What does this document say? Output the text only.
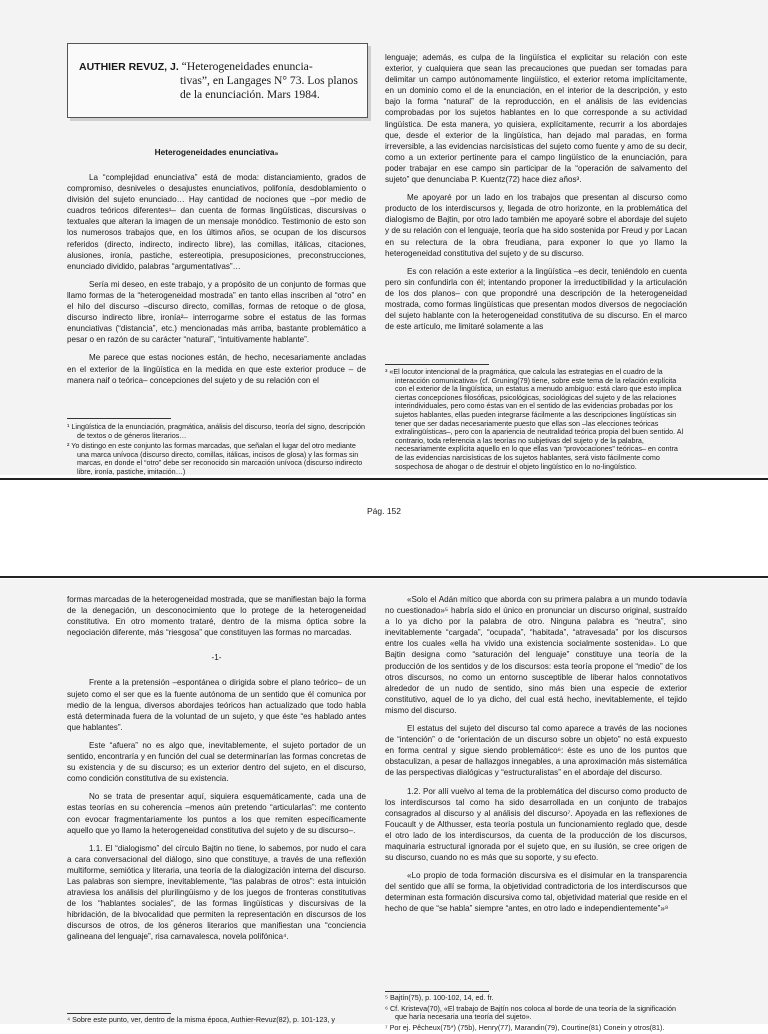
AUTHIER REVUZ, J. “Heterogeneidades enuncia-
tivas”, en Langages N° 73. Los planos
de la enunciación. Mars 1984.
Heterogeneidades enunciativa₅

La “complejidad enunciativa” está de moda: distanciamiento, grados de compromiso, desniveles o desajustes enunciativos, polifonía, desdoblamiento o división del sujeto enunciado… Hay cantidad de nociones que –por medio de cuadros teóricos diferentes¹– dan cuenta de formas lingüísticas, discursivas o textuales que alteran la imagen de un mensaje monódico. Testimonio de esto son los numerosos trabajos que, en los últimos años, se ocupan de los discursos referidos (directo, indirecto, indirecto libre), las comillas, itálicas, citaciones, alusiones, ironía, pastiche, estereotipia, presuposiciones, preconstrucciones, enunciado dividido, palabras “argumentativas”…

Sería mi deseo, en este trabajo, y a propósito de un conjunto de formas que llamo formas de la “heterogeneidad mostrada” en tanto ellas inscriben al “otro” en el hilo del discurso –discurso directo, comillas, formas de retoque o de glosa, discurso indirecto libre, ironía²– interrogarme sobre el estatus de las formas enunciativas (“distancia”, etc.) mencionadas más arriba, bastante problemático a pesar o en razón de su carácter “natural”, “intuitivamente hablante”.

Me parece que estas nociones están, de hecho, necesariamente ancladas en el exterior de la lingüística en la medida en que este exterior produce – de manera naif o teórica– concepciones del sujeto y de su relación con el

¹ Lingüística de la enunciación, pragmática, análisis del discurso, teoría del signo, descripción de textos o de géneros literarios…

² Yo distingo en este conjunto las formas marcadas, que señalan el lugar del otro mediante una marca unívoca (discurso directo, comillas, itálicas, incisos de glosa) y las formas sin marcas, en donde el “otro” debe ser reconocido sin marcación unívoca (discurso indirecto libre, ironía, pastiche, imitación…)

lenguaje; además, es culpa de la lingüística el explicitar su relación con este exterior, y cualquiera que sean las precauciones que puedan ser tomadas para delimitar un campo autónomamente lingüístico, el exterior retoma implícitamente, en un dominio como el de la enunciación, en el interior de la descripción, y esto bajo la forma “natural” de la reproducción, en el análisis de las evidencias comprobadas por los sujetos hablantes en lo que corresponde a su actividad lingüística. De esta manera, yo quisiera, explícitamente, recurrir a los abordajes que, desde el exterior de la lingüística, han dejado mal paradas, en forma irreversible, a las evidencias narcisísticas del sujeto como fuente y amo de su decir, como a un exterior pertinente para el campo lingüístico de la enunciación, para poder trabajar en ese campo sin participar de la “operación de salvamento del sujeto” que denunciaba P. Kuentz(72) hace diez años³.

Me apoyaré por un lado en los trabajos que presentan al discurso como producto de los interdiscursos y, llegada de otro horizonte, en la problemática del dialogismo de Bajtin, por otro lado también me apoyaré sobre el abordaje del sujeto y de su relación con el lenguaje, teoría que ha sido sostenida por Freud y por Lacan en su relectura de la obra freudiana, para exponer lo que yo llamo la heterogeneidad constitutiva del sujeto y de su discurso.

Es con relación a este exterior a la lingüística –es decir, teniéndolo en cuenta pero sin confundirla con él; intentando proponer la irreductibilidad y la articulación de los dos planos– con que propondré una descripción de la heterogeneidad mostrada, como formas lingüísticas que presentan modos diversos de negociación del sujeto hablante con la heterogeneidad constitutiva de su discurso. En el marco de este artículo, me limitaré solamente a las

³ «El locutor intencional de la pragmática, que calcula las estrategias en el cuadro de la interacción comunicativa» (cf. Gruning(79) tiene, sobre este tema de la relación explícita con el exterior de la lingüística, un estatus a menudo ambiguo: está claro que esto implica ciertas concepciones filosóficas, psicológicas, sociológicas del sujeto y de las relaciones interindividuales, pero como éstas van en el sentido de las evidencias probadas por los sujetos hablantes, ellas pueden integrarse fácilmente a las descripciones lingüísticas sin tener que ser dadas necesariamente puesto que ellas son –las elecciones teóricas extralingüísticas–, pero con la apariencia de neutralidad teórica propia del buen sentido. Al contrario, toda referencia a las teorías no subjetivas del sujeto y de la palabra, necesariamente explícita aquello en lo que ellas van “provocaciones” teóricas– en contra de las evidencias narcisísticas de los sujetos hablantes, será visto fácilmente como sospechosa de ahogar o de destruir el objeto lingüístico en lo no-lingüístico.

Pág. 152

formas marcadas de la heterogeneidad mostrada, que se manifiestan bajo la forma de la denegación, un desconocimiento que lo protege de la heterogeneidad constitutiva. En otro momento trataré, dentro de la misma óptica sobre la negociación diferente, más “riesgosa” que constituyen las formas no marcadas.

-1-

Frente a la pretensión –espontánea o dirigida sobre el plano teórico– de un sujeto como el ser que es la fuente autónoma de un sentido que él comunica por medio de la lengua, diversos abordajes teóricos han actualizado que todo habla está determinada fuera de la voluntad de un sujeto, y que éste “es hablado antes que hablantes”.

Este “afuera” no es algo que, inevitablemente, el sujeto portador de un sentido, encontraría y en función del cual se determinarían las formas concretas de su existencia y de su discurso; es un exterior dentro del sujeto, en el discurso, como condición constitutiva de su existencia.

No se trata de presentar aquí, siquiera esquemáticamente, cada una de estas teorías en su coherencia –menos aún pretendo “articularlas”: me contento con evocar fragmentariamente los puntos a los que remiten específicamente aquello que yo llamo la heterogeneidad constitutiva del sujeto y de su discurso–.

1.1. El “dialogismo” del círculo Bajtin no tiene, lo sabemos, por nudo el cara a cara conversacional del diálogo, sino que constituye, a través de una reflexión multiforme, semiótica y literaria, una teoría de la dialogización interna del discurso. Las palabras son siempre, inevitablemente, “las palabras de otros”: esta intuición atraviesa los análisis del plurilingüismo y de los juegos de fronteras constitutivas de los “hablantes sociales”, de las formas lingüísticas y discursivas de la hibridación, de la bivocalidad que permiten la representación en discursos de los discursos de otros, de los géneros literarios que manifiestan una “conciencia galineana del lenguaje”, risa carnavalesca, novela polifónica⁴.

⁴ Sobre este punto, ver, dentro de la misma época, Authier-Revuz(82), p. 101-123, y

«Solo el Adán mítico que aborda con su primera palabra a un mundo todavía no cuestionado»⁵ habría sido el único en pronunciar un discurso original, sustraído a lo ya dicho por la palabra de otro. Ninguna palabra es “neutra”, sino inevitablemente “cargada”, “ocupada”, “habitada”, “atravesada” por los discursos entre los cuales «ella ha vivido una existencia socialmente sostenida». Lo que Bajtin designa como “saturación del lenguaje” constituye una teoría de la producción de los sentidos y de los discursos: esta teoría propone el “medio” de los otros discursos, no como un entorno susceptible de liberar halos connotativos alrededor de un nudo de sentido, sino más bien una especie de exterior constitutivo, aquel de lo ya dicho, del cual está hecho, inevitablemente, el tejido mismo del discurso.

El estatus del sujeto del discurso tal como aparece a través de las nociones de “intención” o de “orientación de un discurso sobre un objeto” no está expuesto en forma central y sigue siendo problemático⁶: éste es uno de los puntos que obstaculizan, a pesar de hallazgos innegables, a una aproximación más sistemática de las perspectivas dialógicas y “estructuralistas” en el abordaje del discurso.

1.2. Por allí vuelvo al tema de la problemática del discurso como producto de los interdiscursos tal como ha sido desarrollada en un conjunto de trabajos consagrados al discurso y al análisis del discurso⁷. Apoyada en las reflexiones de Foucault y de Althusser, esta teoría postula un funcionamiento reglado que, desde el otro lado de los interdiscursos, da cuenta de la producción de los discursos, maquinaria estructural ignorada por el sujeto que, en su ilusión, se cree origen de su discurso, cuando no es más que su soporte, y su efecto.

«Lo propio de toda formación discursiva es el disimular en la transparencia del sentido que allí se forma, la objetividad contradictoria de los interdiscursos que determinan esta formación discursiva como tal, objetividad material que reside en el hecho de que “se habla” siempre “antes, en otro lado e independientemente”»⁸

⁵ Bajtín(75), p. 100-102, 14, ed. fr.

⁶ Cf. Kristeva(70), «El trabajo de Bajtín nos coloca al borde de una teoría de la significación que haría necesaria una teoría del sujeto».

⁷ Por ej. Pêcheux(75*) (75b), Henry(77), Marandin(79), Courtine(81) Conein y otros(81).
